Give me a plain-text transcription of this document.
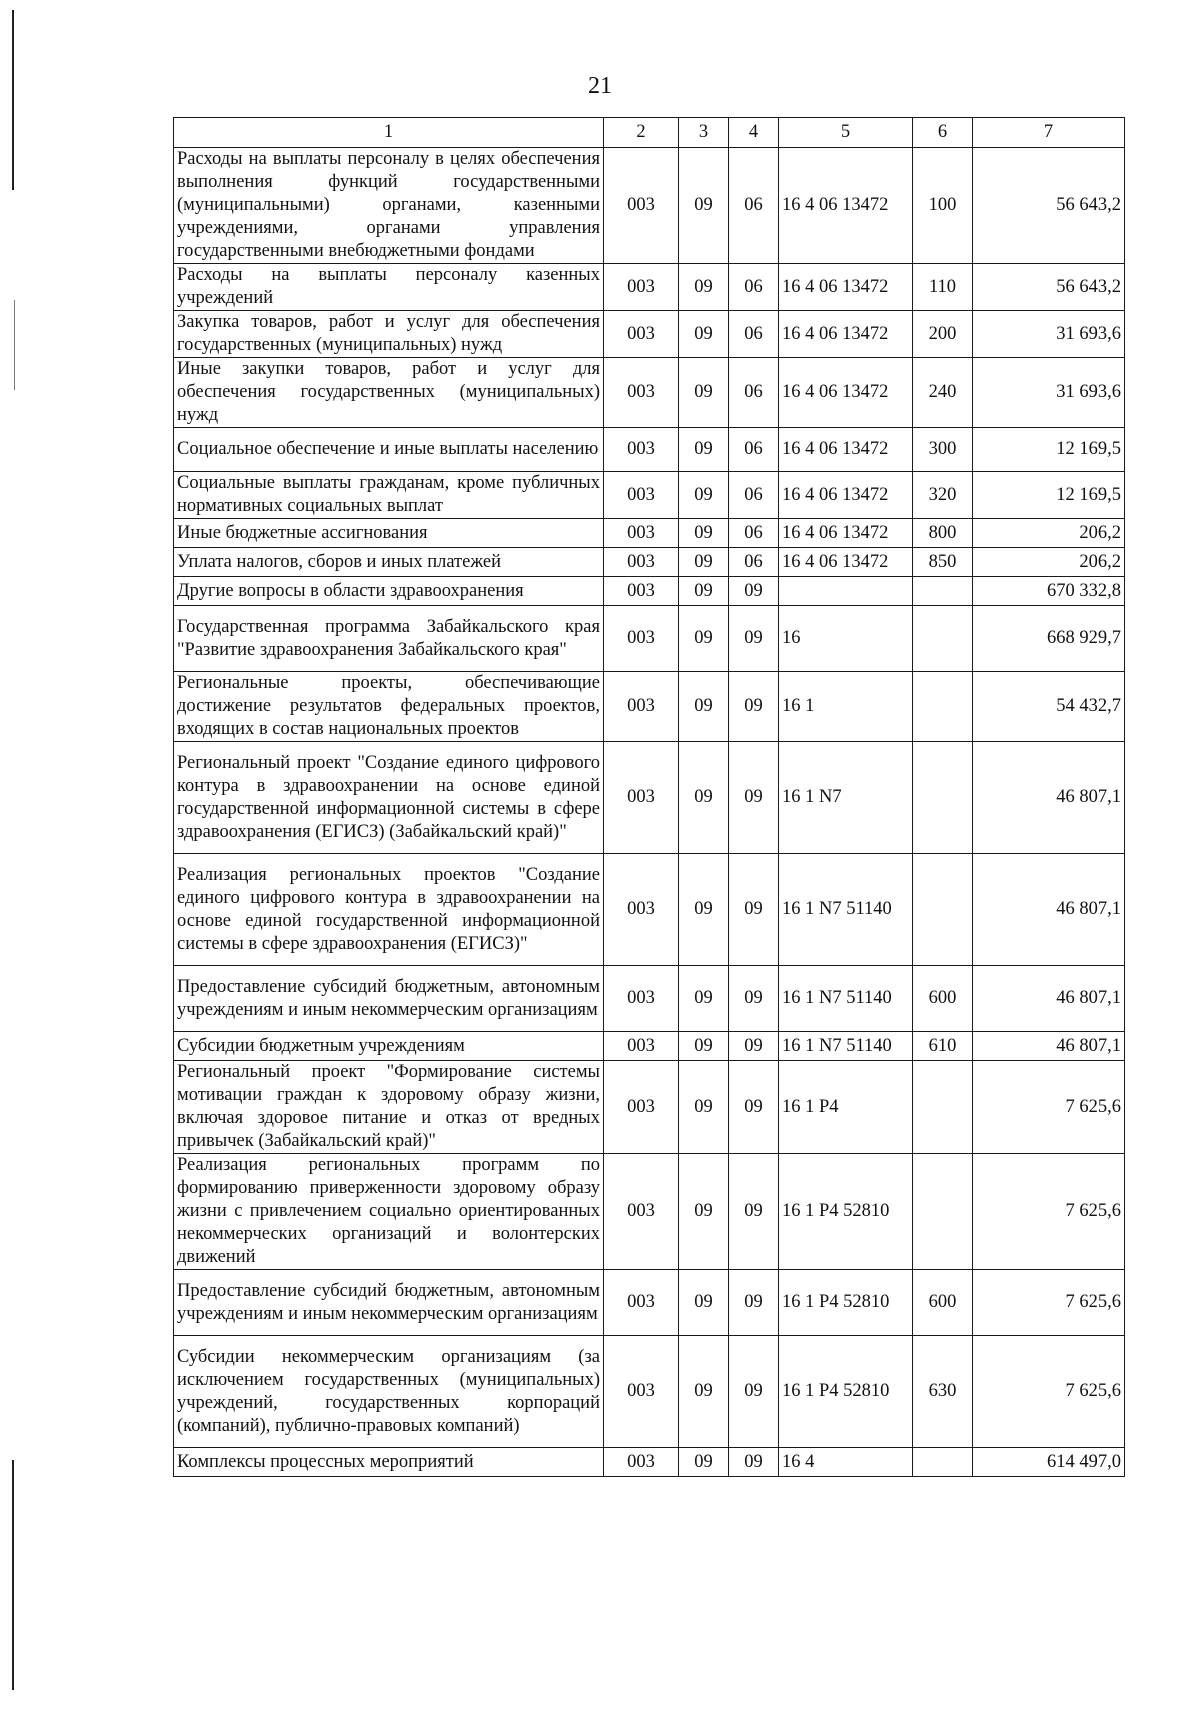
21
1	2	3	4	5	6	7
Расходы на выплаты персоналу в целях обеспечения выполнения функций государственными (муниципальными) органами, казенными учреждениями, органами управления государственными внебюджетными фондами	003	09	06	16 4 06 13472	100	56 643,2
Расходы на выплаты персоналу казенных учреждений	003	09	06	16 4 06 13472	110	56 643,2
Закупка товаров, работ и услуг для обеспечения государственных (муниципальных) нужд	003	09	06	16 4 06 13472	200	31 693,6
Иные закупки товаров, работ и услуг для обеспечения государственных (муниципальных) нужд	003	09	06	16 4 06 13472	240	31 693,6
Социальное обеспечение и иные выплаты населению	003	09	06	16 4 06 13472	300	12 169,5
Социальные выплаты гражданам, кроме публичных нормативных социальных выплат	003	09	06	16 4 06 13472	320	12 169,5
Иные бюджетные ассигнования	003	09	06	16 4 06 13472	800	206,2
Уплата налогов, сборов и иных платежей	003	09	06	16 4 06 13472	850	206,2
Другие вопросы в области здравоохранения	003	09	09			670 332,8
Государственная программа Забайкальского края "Развитие здравоохранения Забайкальского края"	003	09	09	16		668 929,7
Региональные проекты, обеспечивающие достижение результатов федеральных проектов, входящих в состав национальных проектов	003	09	09	16 1		54 432,7
Региональный проект "Создание единого цифрового контура в здравоохранении на основе единой государственной информационной системы в сфере здравоохранения (ЕГИСЗ) (Забайкальский край)"	003	09	09	16 1 N7		46 807,1
Реализация региональных проектов "Создание единого цифрового контура в здравоохранении на основе единой государственной информационной системы в сфере здравоохранения (ЕГИСЗ)"	003	09	09	16 1 N7 51140		46 807,1
Предоставление субсидий бюджетным, автономным учреждениям и иным некоммерческим организациям	003	09	09	16 1 N7 51140	600	46 807,1
Субсидии бюджетным учреждениям	003	09	09	16 1 N7 51140	610	46 807,1
Региональный проект "Формирование системы мотивации граждан к здоровому образу жизни, включая здоровое питание и отказ от вредных привычек (Забайкальский край)"	003	09	09	16 1 P4		7 625,6
Реализация региональных программ по формированию приверженности здоровому образу жизни с привлечением социально ориентированных некоммерческих организаций и волонтерских движений	003	09	09	16 1 P4 52810		7 625,6
Предоставление субсидий бюджетным, автономным учреждениям и иным некоммерческим организациям	003	09	09	16 1 P4 52810	600	7 625,6
Субсидии некоммерческим организациям (за исключением государственных (муниципальных) учреждений, государственных корпораций (компаний), публично-правовых компаний)	003	09	09	16 1 P4 52810	630	7 625,6
Комплексы процессных мероприятий	003	09	09	16 4		614 497,0
